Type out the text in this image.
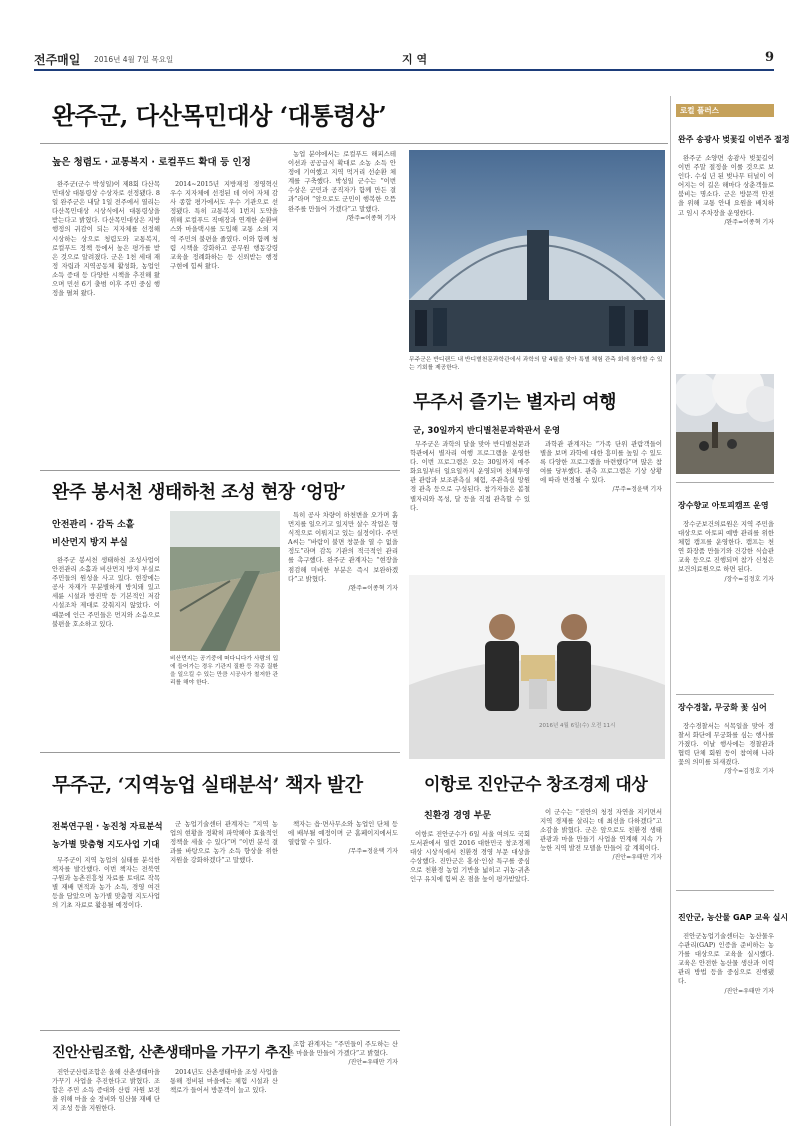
전주매일 2016년 4월 7일 목요일	지 역	9
완주군, 다산목민대상 ‘대통령상’
높은 청렴도 · 교통복지 · 로컬푸드 확대 등 인정

완주군(군수 박성일)이 제8회 다산목민대상 대통령상 수상자로 선정됐다. 8일 완주군은 내달 1일 전주에서 열리는 다산목민대상 시상식에서 대통령상을 받는다고 밝혔다. 다산목민대상은 지방행정의 귀감이 되는 지자체를 선정해 시상하는 상으로 청렴도와 교통복지, 로컬푸드 정책 등에서 높은 평가를 받은 것으로 알려졌다. 군은 1천 세대 재정 자립과 지역공동체 활성화, 농업인 소득 증대 등 다양한 시책을 추진해 왔으며 민선 6기 출범 이후 주민 중심 행정을 펼쳐 왔다.

2014~2015년 지방재정 경영혁신 우수 지자체에 선정된 데 이어 자체 감사 종합 평가에서도 우수 기관으로 선정됐다. 특히 교통복지 1번지 도약을 위해 로컬푸드 직매장과 연계한 순환버스와 마을택시를 도입해 교통 소외 지역 주민의 불편을 줄였다. 이와 함께 청렴 시책을 강화하고 공무원 행동강령 교육을 정례화하는 등 신뢰받는 행정 구현에 힘써 왔다.

농업 분야에서는 로컬푸드 해피스테이션과 공공급식 확대로 소농 소득 안정에 기여했고 지역 먹거리 선순환 체계를 구축했다. 박성일 군수는 “이번 수상은 군민과 공직자가 함께 만든 결과”라며 “앞으로도 군민이 행복한 으뜸 완주를 만들어 가겠다”고 말했다.

/완주=이종혁 기자

무주군은 반디랜드 내 반디별천문과학관에서 과학의 달 4월을 맞아 특별 체험 관측 회에 참여할 수 있는 기회를 제공한다.
무주서 즐기는 별자리 여행
군, 30일까지 반디별천문과학관서 운영

무주군은 과학의 달을 맞아 반디별천문과학관에서 별자리 여행 프로그램을 운영한다. 이번 프로그램은 오는 30일까지 매주 화요일부터 일요일까지 운영되며 천체투영관 관람과 보조관측실 체험, 주관측실 망원경 관측 등으로 구성된다. 참가자들은 봄철 별자리와 목성, 달 등을 직접 관측할 수 있다.

과학관 관계자는 “가족 단위 관람객들이 별을 보며 과학에 대한 흥미를 높일 수 있도록 다양한 프로그램을 마련했다”며 많은 참여를 당부했다. 관측 프로그램은 기상 상황에 따라 변경될 수 있다.

/무주=정윤택 기자

완주 봉서천 생태하천 조성 현장 ‘엉망’
안전관리 · 감독 소홀
비산먼지 방지 부실

완주군 봉서천 생태하천 조성사업이 안전관리 소홀과 비산먼지 방지 부실로 주민들의 원성을 사고 있다. 현장에는 공사 자재가 무분별하게 방치돼 있고 세륜 시설과 방진막 등 기본적인 저감 시설조차 제대로 갖춰지지 않았다. 이 때문에 인근 주민들은 먼지와 소음으로 불편을 호소하고 있다.

비산먼지는 공기중에 떠다니다가 사람의 입에 들어가는 경우 기관지 질환 등 각종 질환을 일으킬 수 있는 만큼 시공사가 철저한 관리를 해야 한다.

특히 공사 차량이 하천변을 오가며 흙먼지를 일으키고 있지만 살수 작업은 형식적으로 이뤄지고 있는 실정이다. 주민 A씨는 “바람이 불면 창문을 열 수 없을 정도”라며 감독 기관의 적극적인 관리를 촉구했다. 완주군 관계자는 “현장을 점검해 미비한 부분은 즉시 보완하겠다”고 밝혔다.

/완주=이종혁 기자

2016년 4월 6일(수) 오전 11시
이항로 진안군수 창조경제 대상
친환경 경영 부문

이항로 진안군수가 6일 서울 여의도 국회도서관에서 열린 2016 대한민국 창조경제 대상 시상식에서 친환경 경영 부문 대상을 수상했다. 진안군은 홍삼·인삼 특구를 중심으로 친환경 농업 기반을 넓히고 귀농·귀촌 인구 유치에 힘써 온 점을 높이 평가받았다.

이 군수는 “진안의 청정 자연을 지키면서 지역 경제를 살리는 데 최선을 다하겠다”고 소감을 밝혔다. 군은 앞으로도 친환경 생태 관광과 마을 만들기 사업을 연계해 지속 가능한 지역 발전 모델을 만들어 갈 계획이다.

/진안=우태만 기자

무주군, ‘지역농업 실태분석’ 책자 발간
전북연구원 · 농진청 자료분석
농가별 맞춤형 지도사업 기대

무주군이 지역 농업의 실태를 분석한 책자를 발간했다. 이번 책자는 전북연구원과 농촌진흥청 자료를 토대로 작목별 재배 면적과 농가 소득, 경영 여건 등을 담았으며 농가별 맞춤형 지도사업의 기초 자료로 활용될 예정이다.

군 농업기술센터 관계자는 “지역 농업의 현황을 정확히 파악해야 효율적인 정책을 세울 수 있다”며 “이번 분석 결과를 바탕으로 농가 소득 향상을 위한 지원을 강화하겠다”고 말했다.

책자는 읍·면사무소와 농업인 단체 등에 배부될 예정이며 군 홈페이지에서도 열람할 수 있다.

/무주=정윤택 기자

진안산림조합, 산촌생태마을 가꾸기 추진

진안군산림조합은 올해 산촌생태마을 가꾸기 사업을 추진한다고 밝혔다. 조합은 주민 소득 증대와 산림 자원 보전을 위해 마을 숲 정비와 임산물 재배 단지 조성 등을 지원한다.

2014년도 산촌생태마을 조성 사업을 통해 정비된 마을에는 체험 시설과 산책로가 들어서 방문객이 늘고 있다.

조합 관계자는 “주민들이 주도하는 산촌 마을을 만들어 가겠다”고 밝혔다.

/진안=우태만 기자

로컬 플러스
완주 송광사 벚꽃길 이번주 절정

완주군 소양면 송광사 벚꽃길이 이번 주말 절정을 이룰 것으로 보인다. 수십 년 된 벚나무 터널이 이어지는 이 길은 해마다 상춘객들로 붐비는 명소다. 군은 방문객 안전을 위해 교통 안내 요원을 배치하고 임시 주차장을 운영한다.

/완주=이종혁 기자

장수향교 아토피캠프 운영

장수군보건의료원은 지역 주민을 대상으로 아토피 예방 관리를 위한 체험 캠프를 운영한다. 캠프는 천연 화장품 만들기와 건강한 식습관 교육 등으로 진행되며 참가 신청은 보건의료원으로 하면 된다.

/장수=김정호 기자

장수경찰, 무궁화 꽃 심어

장수경찰서는 식목일을 맞아 경찰서 화단에 무궁화를 심는 행사를 가졌다. 이날 행사에는 경찰관과 협력 단체 회원 등이 참여해 나라꽃의 의미를 되새겼다.

/장수=김정호 기자

진안군, 농산물 GAP 교육 실시

진안군농업기술센터는 농산물우수관리(GAP) 인증을 준비하는 농가를 대상으로 교육을 실시했다. 교육은 안전한 농산물 생산과 이력 관리 방법 등을 중심으로 진행됐다.

/진안=우태만 기자
